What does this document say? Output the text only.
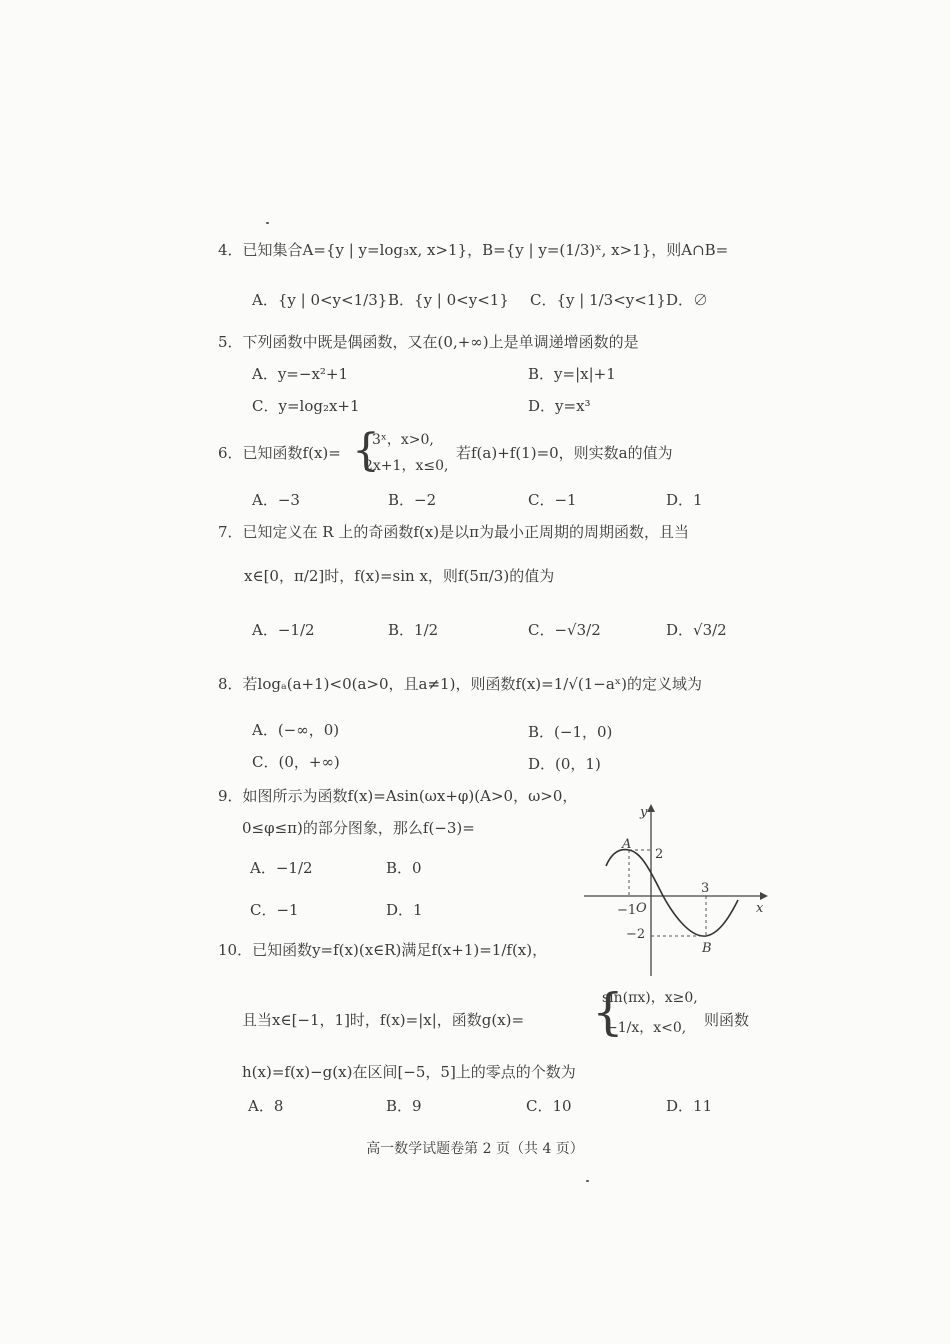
4．已知集合A={y | y=log₃x, x>1}，B={y | y=(1/3)ˣ, x>1}，则A∩B=
A．{y | 0<y<1/3} B．{y | 0<y<1} C．{y | 1/3<y<1} D．∅
5．下列函数中既是偶函数，又在(0,+∞)上是单调递增函数的是
A．y=−x²+1	B．y=|x|+1
C．y=log₂x+1	D．y=x³
6．已知函数f(x)= {
3ˣ，x>0,
2x+1，x≤0,
若f(a)+f(1)=0，则实数a的值为
A．−3	B．−2	C．−1	D．1
7．已知定义在 R 上的奇函数f(x)是以π为最小正周期的周期函数，且当
x∈[0，π/2]时，f(x)=sin x，则f(5π/3)的值为
A．−1/2	B．1/2	C．−√3/2	D．√3/2
8．若logₐ(a+1)<0(a>0，且a≠1)，则函数f(x)=1/√(1−aˣ)的定义域为
A．(−∞，0)	B．(−1，0)
C．(0，+∞)	D．(0，1)
9．如图所示为函数f(x)=Asin(ωx+φ)(A>0，ω>0，
0≤φ≤π)的部分图象，那么f(−3)=
A．−1/2	B．0
C．−1	D．1
y
x
O
A
B
2
−2
−1
3
10．已知函数y=f(x)(x∈R)满足f(x+1)=1/f(x)，
且当x∈[−1，1]时，f(x)=|x|，函数g(x)= {
sin(πx)，x≥0,
−1/x，x<0, 则函数
h(x)=f(x)−g(x)在区间[−5，5]上的零点的个数为
A．8	B．9	C．10	D．11
高一数学试题卷第 2 页（共 4 页）
